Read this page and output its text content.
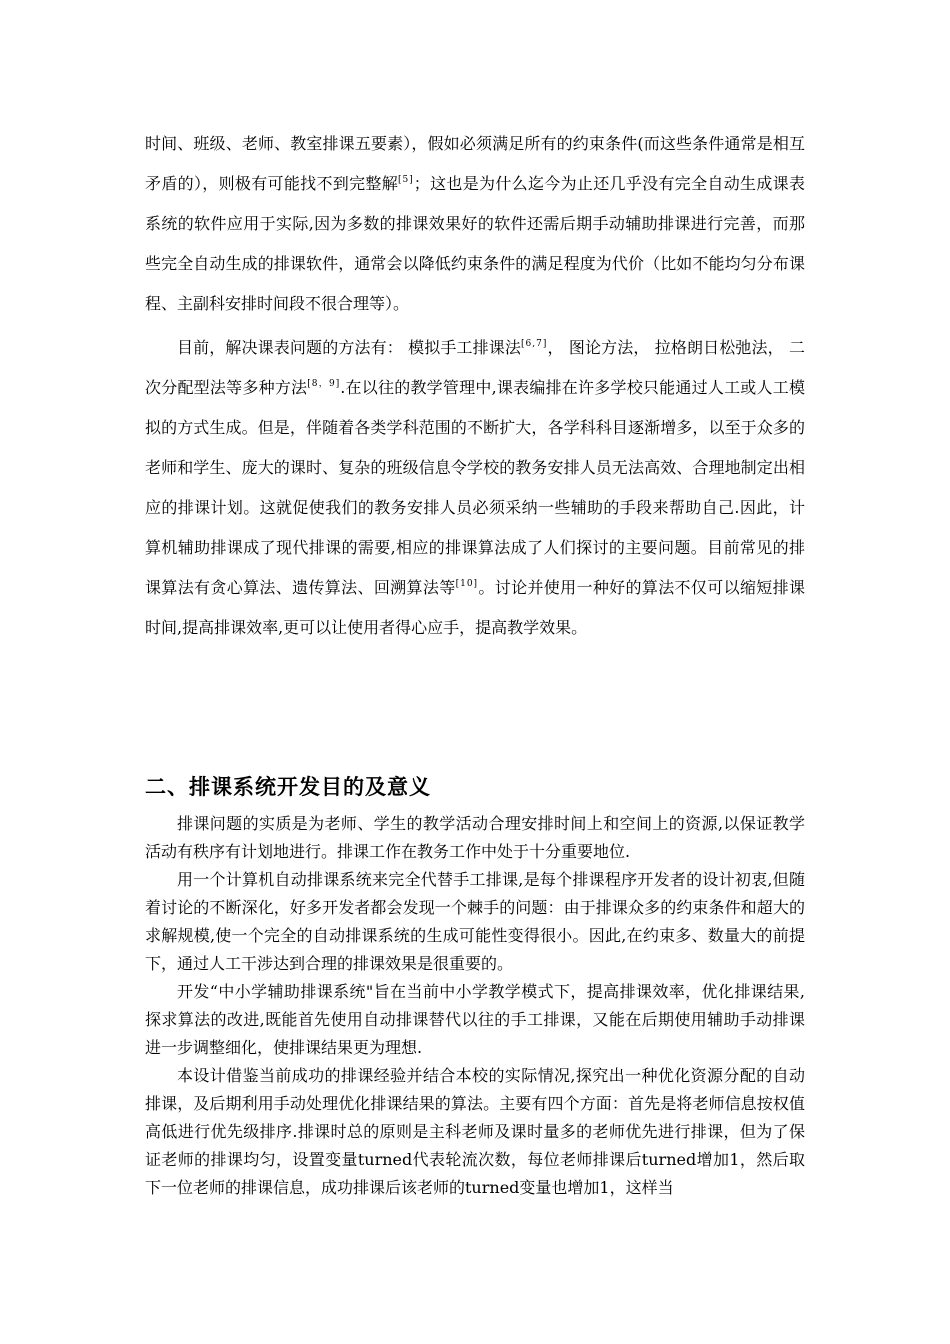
时间、班级、老师、教室排课五要素），假如必须满足所有的约束条件(而这些条件通常是相互矛盾的），则极有可能找不到完整解[5]；这也是为什么迄今为止还几乎没有完全自动生成课表系统的软件应用于实际,因为多数的排课效果好的软件还需后期手动辅助排课进行完善，而那些完全自动生成的排课软件，通常会以降低约束条件的满足程度为代价（比如不能均匀分布课程、主副科安排时间段不很合理等）。

目前，解决课表问题的方法有： 模拟手工排课法[6,7]， 图论方法， 拉格朗日松弛法， 二次分配型法等多种方法[8，9].在以往的教学管理中,课表编排在许多学校只能通过人工或人工模拟的方式生成。但是，伴随着各类学科范围的不断扩大，各学科科目逐渐增多，以至于众多的老师和学生、庞大的课时、复杂的班级信息令学校的教务安排人员无法高效、合理地制定出相应的排课计划。这就促使我们的教务安排人员必须采纳一些辅助的手段来帮助自己.因此，计算机辅助排课成了现代排课的需要,相应的排课算法成了人们探讨的主要问题。目前常见的排课算法有贪心算法、遗传算法、回溯算法等[10]。讨论并使用一种好的算法不仅可以缩短排课时间,提高排课效率,更可以让使用者得心应手，提高教学效果。

二、排课系统开发目的及意义

排课问题的实质是为老师、学生的教学活动合理安排时间上和空间上的资源,以保证教学活动有秩序有计划地进行。排课工作在教务工作中处于十分重要地位.

用一个计算机自动排课系统来完全代替手工排课,是每个排课程序开发者的设计初衷,但随着讨论的不断深化，好多开发者都会发现一个棘手的问题：由于排课众多的约束条件和超大的求解规模,使一个完全的自动排课系统的生成可能性变得很小。因此,在约束多、数量大的前提下，通过人工干涉达到合理的排课效果是很重要的。

开发“中小学辅助排课系统"旨在当前中小学教学模式下，提高排课效率，优化排课结果,探求算法的改进,既能首先使用自动排课替代以往的手工排课，又能在后期使用辅助手动排课进一步调整细化，使排课结果更为理想.

本设计借鉴当前成功的排课经验并结合本校的实际情况,探究出一种优化资源分配的自动排课，及后期利用手动处理优化排课结果的算法。主要有四个方面：首先是将老师信息按权值高低进行优先级排序.排课时总的原则是主科老师及课时量多的老师优先进行排课，但为了保证老师的排课均匀，设置变量turned代表轮流次数，每位老师排课后turned增加1，然后取下一位老师的排课信息，成功排课后该老师的turned变量也增加1，这样当
